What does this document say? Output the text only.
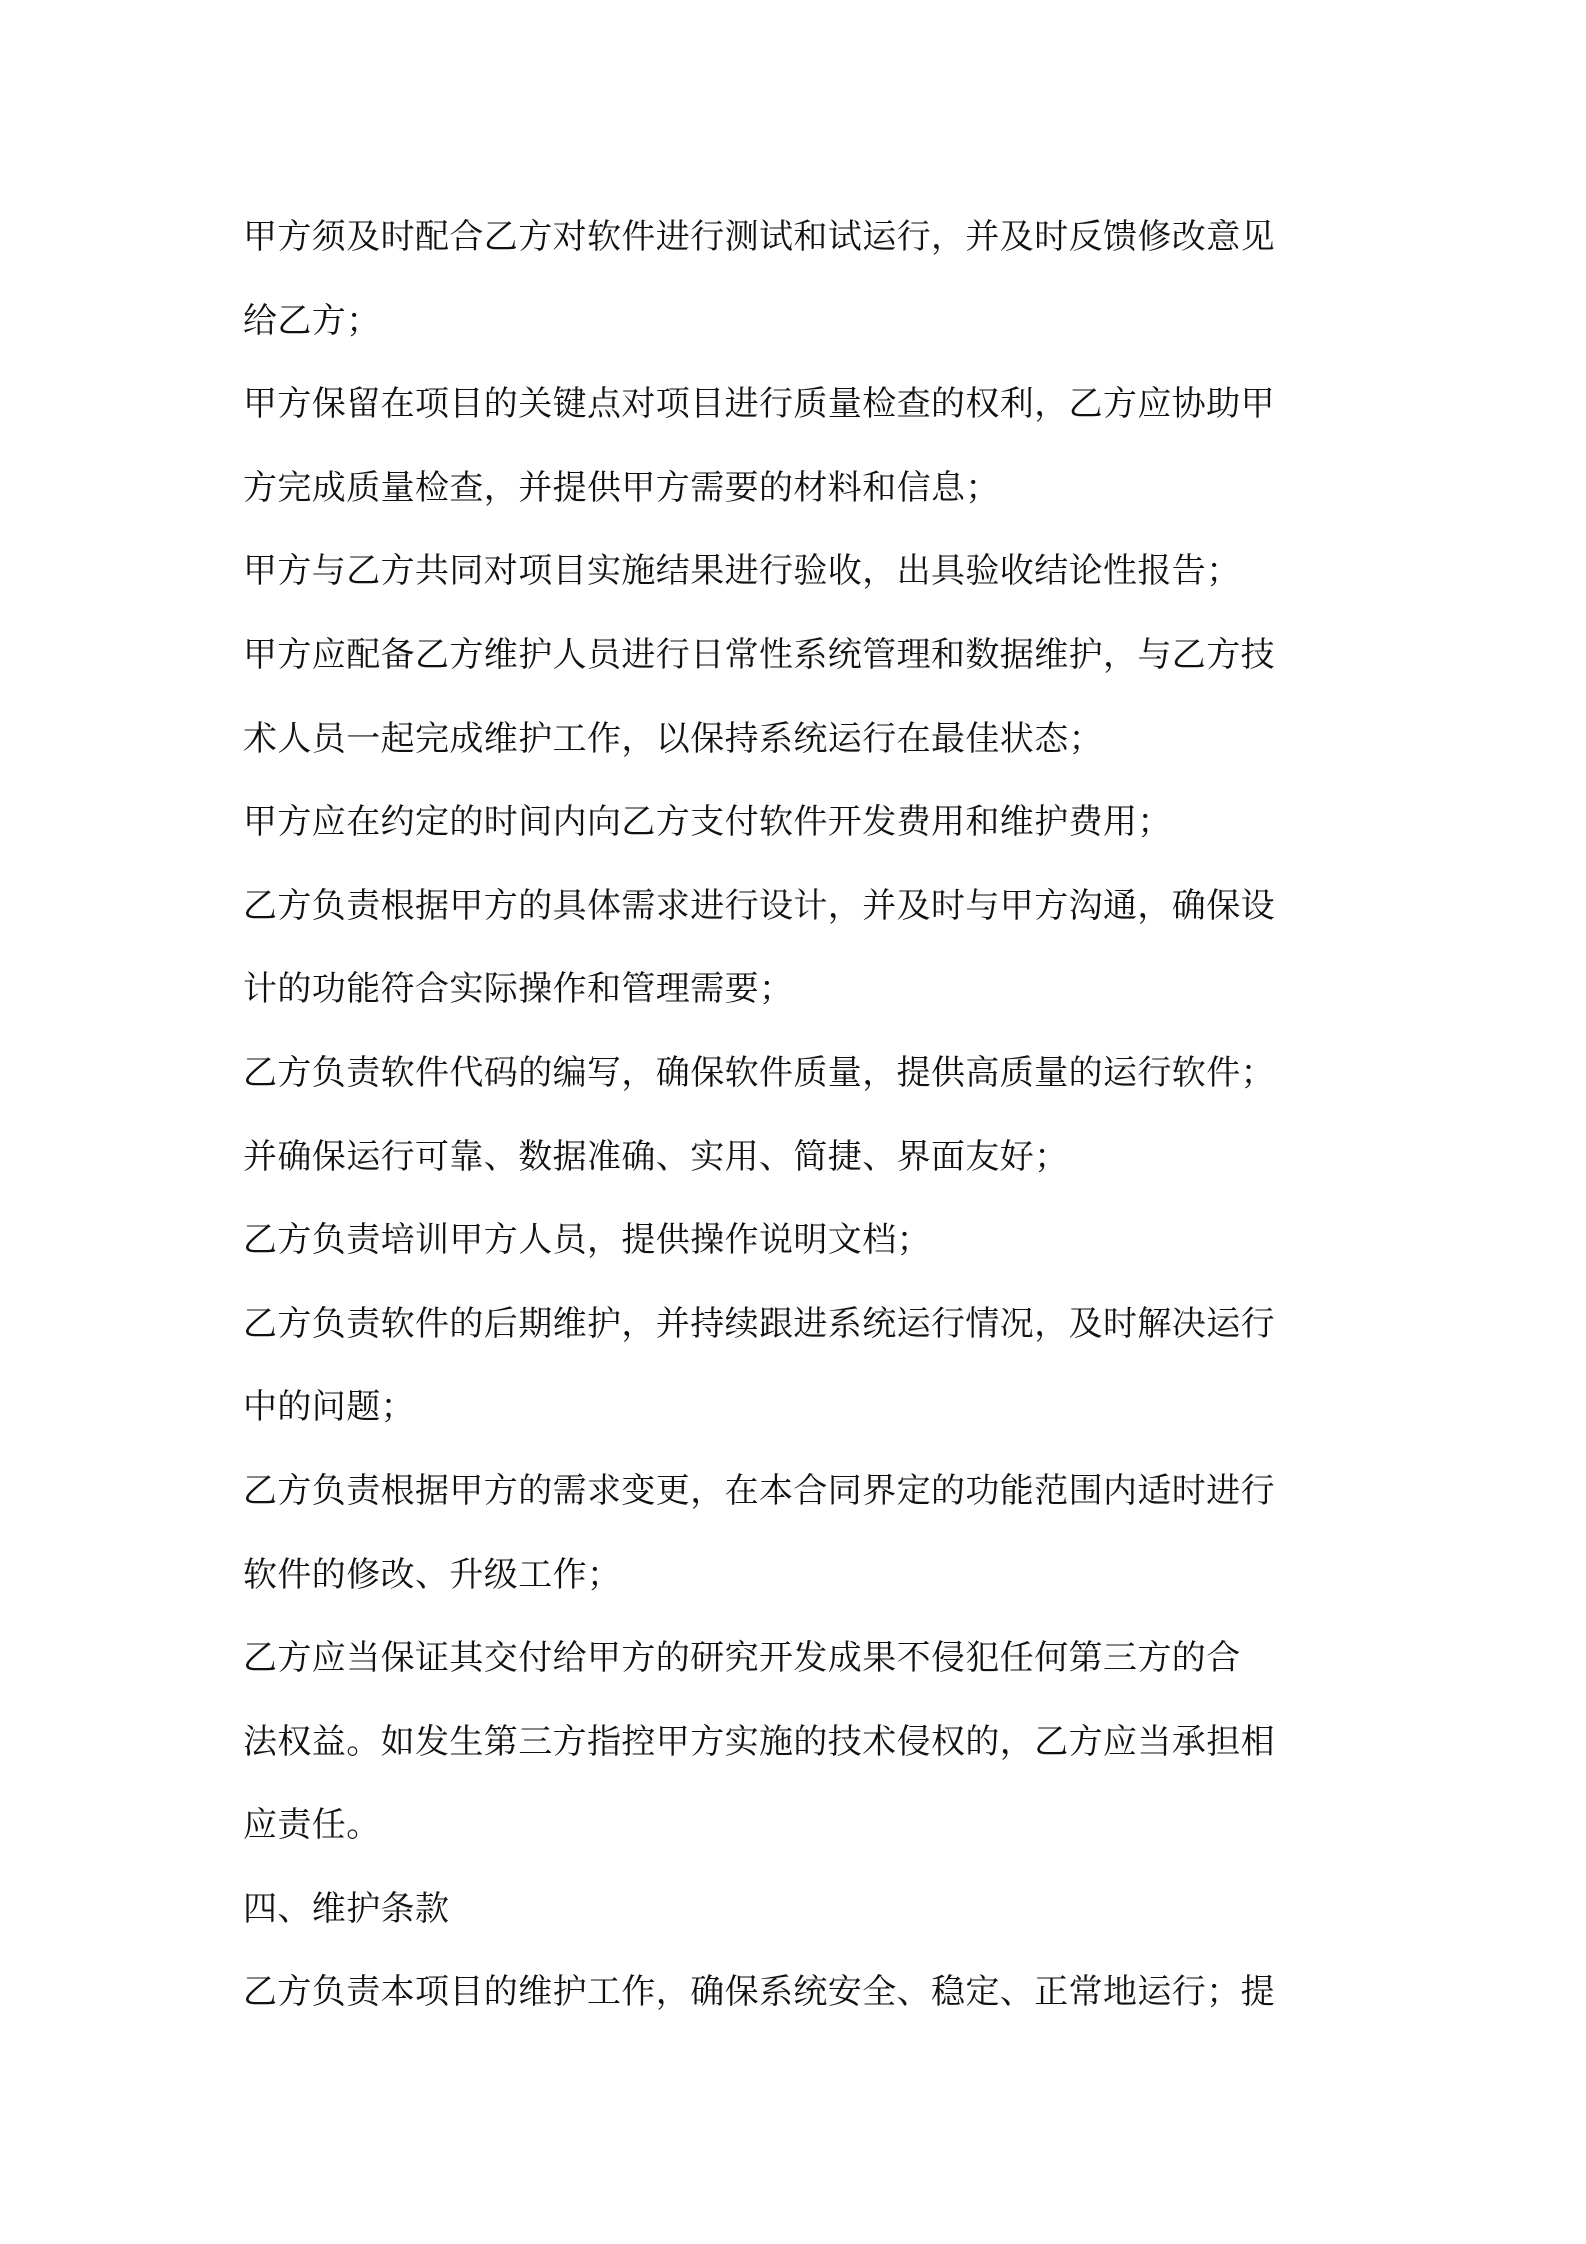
甲方须及时配合乙方对软件进行测试和试运行，并及时反馈修改意见
给乙方；
甲方保留在项目的关键点对项目进行质量检查的权利，乙方应协助甲
方完成质量检查，并提供甲方需要的材料和信息；
甲方与乙方共同对项目实施结果进行验收，出具验收结论性报告；
甲方应配备乙方维护人员进行日常性系统管理和数据维护，与乙方技
术人员一起完成维护工作，以保持系统运行在最佳状态；
甲方应在约定的时间内向乙方支付软件开发费用和维护费用；
乙方负责根据甲方的具体需求进行设计，并及时与甲方沟通，确保设
计的功能符合实际操作和管理需要；
乙方负责软件代码的编写，确保软件质量，提供高质量的运行软件；
并确保运行可靠、数据准确、实用、简捷、界面友好；
乙方负责培训甲方人员，提供操作说明文档；
乙方负责软件的后期维护，并持续跟进系统运行情况，及时解决运行
中的问题；
乙方负责根据甲方的需求变更，在本合同界定的功能范围内适时进行
软件的修改、升级工作；
乙方应当保证其交付给甲方的研究开发成果不侵犯任何第三方的合
法权益。如发生第三方指控甲方实施的技术侵权的，乙方应当承担相
应责任。
四、维护条款
乙方负责本项目的维护工作，确保系统安全、稳定、正常地运行；提
